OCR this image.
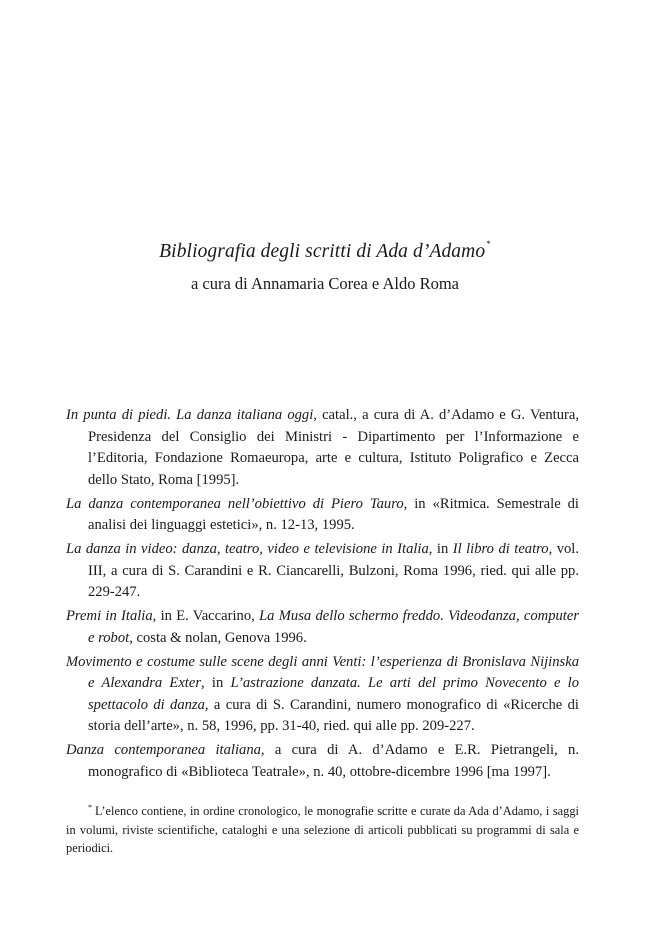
Bibliografia degli scritti di Ada d’Adamo*
a cura di Annamaria Corea e Aldo Roma

In punta di piedi. La danza italiana oggi, catal., a cura di A. d’Adamo e G. Ventura, Presidenza del Consiglio dei Ministri - Dipartimento per l’Informazione e l’Editoria, Fondazione Romaeuropa, arte e cultura, Istituto Poligrafico e Zecca dello Stato, Roma [1995].

La danza contemporanea nell’obiettivo di Piero Tauro, in «Ritmica. Semestrale di analisi dei linguaggi estetici», n. 12-13, 1995.

La danza in video: danza, teatro, video e televisione in Italia, in Il libro di teatro, vol. III, a cura di S. Carandini e R. Ciancarelli, Bulzoni, Roma 1996, ried. qui alle pp. 229-247.

Premi in Italia, in E. Vaccarino, La Musa dello schermo freddo. Videodanza, computer e robot, costa & nolan, Genova 1996.

Movimento e costume sulle scene degli anni Venti: l’esperienza di Bronislava Nijinska e Alexandra Exter, in L’astrazione danzata. Le arti del primo Novecento e lo spettacolo di danza, a cura di S. Carandini, numero monografico di «Ricerche di storia dell’arte», n. 58, 1996, pp. 31-40, ried. qui alle pp. 209-227.

Danza contemporanea italiana, a cura di A. d’Adamo e E.R. Pietrangeli, n. monografico di «Biblioteca Teatrale», n. 40, ottobre-dicembre 1996 [ma 1997].

* L’elenco contiene, in ordine cronologico, le monografie scritte e curate da Ada d’Adamo, i saggi in volumi, riviste scientifiche, cataloghi e una selezione di articoli pubblicati su programmi di sala e periodici.
